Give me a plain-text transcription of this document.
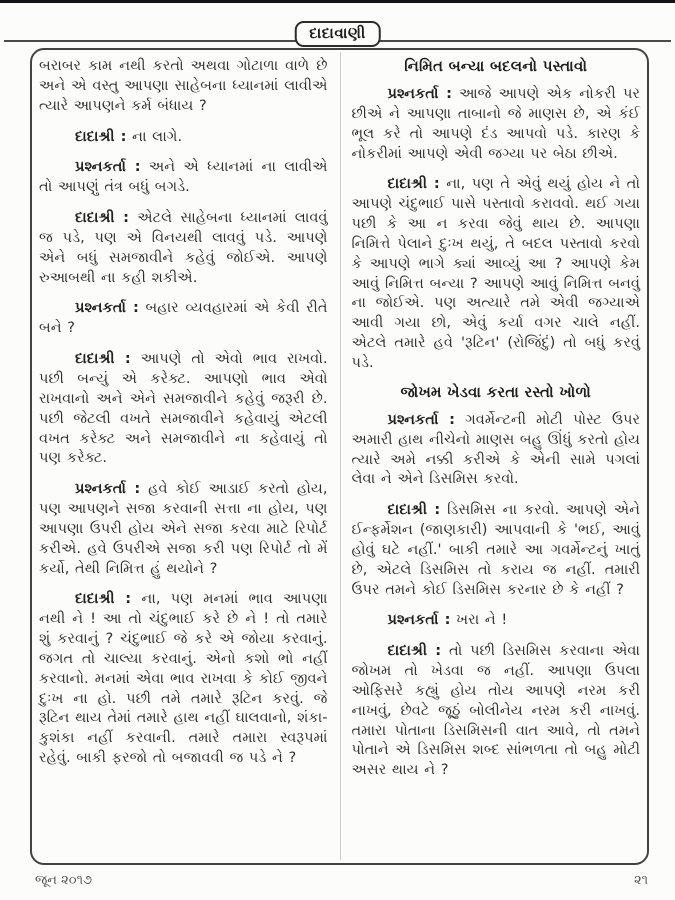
દાદાવાણી

બરાબર કામ નથી કરતો અથવા ગોટાળા વાળે છે અને એ વસ્તુ આપણા સાહેબના ધ્યાનમાં લાવીએ ત્યારે આપણને કર્મ બંધાય ?

દાદાશ્રી : ના લાગે.

પ્રશ્નકર્તા : અને એ ધ્યાનમાં ના લાવીએ તો આપણું તંત્ર બધું બગડે.

દાદાશ્રી : એટલે સાહેબના ધ્યાનમાં લાવવું જ પડે, પણ એ વિનયથી લાવવું પડે. આપણે એને બધું સમજાવીને કહેવું જોઈએ. આપણે રુઆબથી ના કહી શકીએ.

પ્રશ્નકર્તા : બહાર વ્યવહારમાં એ કેવી રીતે બને ?

દાદાશ્રી : આપણે તો એવો ભાવ રાખવો. પછી બન્યું એ કરેક્ટ. આપણો ભાવ એવો રાખવાનો અને એને સમજાવીને કહેવું જરૂરી છે. પછી જેટલી વખતે સમજાવીને કહેવાયું એટલી વખત કરેક્ટ અને સમજાવીને ના કહેવાયું તો પણ કરેક્ટ.

પ્રશ્નકર્તા : હવે કોઈ આડાઈ કરતો હોય, પણ આપણને સજા કરવાની સત્તા ના હોય, પણ આપણા ઉપરી હોય એને સજા કરવા માટે રિપોર્ટ કરીએ. હવે ઉપરીએ સજા કરી પણ રિપોર્ટ તો મેં કર્યો, તેથી નિમિત્ત હું થયોને ?

દાદાશ્રી : ના, પણ મનમાં ભાવ આપણા નથી ને ! આ તો ચંદુભાઈ કરે છે ને ! તો તમારે શું કરવાનું ? ચંદુભાઈ જે કરે એ જોયા કરવાનું. જગત તો ચાલ્યા કરવાનું. એનો કશો ભો નહીં કરવાનો. મનમાં એવા ભાવ રાખવા કે કોઈ જીવને દુઃખ ના હો. પછી તમે તમારે રૂટિન કરવું. જે રૂટિન થાય તેમાં તમારે હાથ નહીં ઘાલવાનો, શંકા-કુશંકા નહીં કરવાની. તમારે તમારા સ્વરૂપમાં રહેવું. બાકી ફરજો તો બજાવવી જ પડે ને ?

નિમિત બન્યા બદલનો પસ્તાવો

પ્રશ્નકર્તા : આજે આપણે એક નોકરી પર છીએ ને આપણા તાબાનો જે માણસ છે, એ કંઈ ભૂલ કરે તો આપણે દંડ આપવો પડે. કારણ કે નોકરીમાં આપણે એવી જગ્યા પર બેઠા છીએ.

દાદાશ્રી : ના, પણ તે એવું થયું હોય ને તો આપણે ચંદુભાઈ પાસે પસ્તાવો કરાવવો. થઈ ગયા પછી કે આ ન કરવા જેવું થાય છે. આપણા નિમિત્તે પેલાને દુઃખ થયું, તે બદલ પસ્તાવો કરવો કે આપણે ભાગે ક્યાં આવ્યું આ ? આપણે કેમ આવું નિમિત્ત બન્યા ? આપણે આવું નિમિત્ત બનવું ના જોઈએ. પણ અત્યારે તમે એવી જગ્યાએ આવી ગયા છો, એવું કર્યા વગર ચાલે નહીં. એટલે તમારે હવે 'રૂટિન' (રોજિંદું) તો બધું કરવું પડે.

જોખમ ખેડવા કરતા રસ્તો ખોળો

પ્રશ્નકર્તા : ગવર્મેન્ટની મોટી પોસ્ટ ઉપર અમારી હાથ નીચેનો માણસ બહુ ઊંધું કરતો હોય ત્યારે અમે નક્કી કરીએ કે એની સામે પગલાં લેવા ને એને ડિસમિસ કરવો.

દાદાશ્રી : ડિસમિસ ના કરવો. આપણે એને ઈન્ફર્મેશન (જાણકારી) આપવાની કે 'ભઈ, આવું હોવું ઘટે નહીં.' બાકી તમારે આ ગવર્મેન્ટનું ખાતું છે, એટલે ડિસમિસ તો કરાય જ નહીં. તમારી ઉપર તમને કોઈ ડિસમિસ કરનાર છે કે નહીં ?

પ્રશ્નકર્તા : ખરા ને !

દાદાશ્રી : તો પછી ડિસમિસ કરવાના એવા જોખમ તો ખેડવા જ નહીં. આપણા ઉપલા ઓફિસરે કહ્યું હોય તોય આપણે નરમ કરી નાખવું, છેવટે જૂઠું બોલીનેય નરમ કરી નાખવું. તમારા પોતાના ડિસમિસની વાત આવે, તો તમને પોતાને એ ડિસમિસ શબ્દ સાંભળતા તો બહુ મોટી અસર થાય ને ?

જૂન ૨૦૧૭	૨૧
